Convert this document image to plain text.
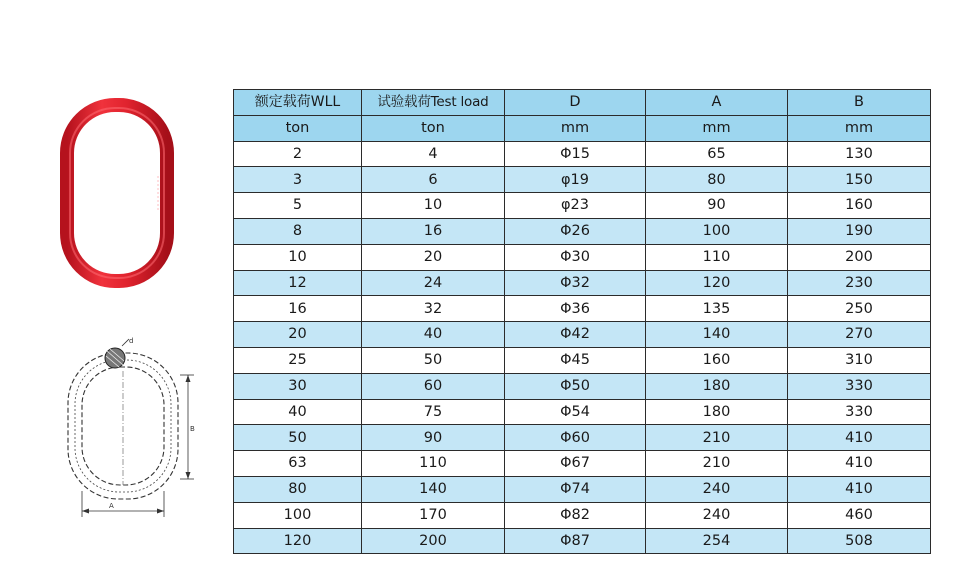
d
B
A
额定载荷WLL	试验载荷Test load	D	A	B
ton	ton	mm	mm	mm
2	4	Φ15	65	130
3	6	φ19	80	150
5	10	φ23	90	160
8	16	Φ26	100	190
10	20	Φ30	110	200
12	24	Φ32	120	230
16	32	Φ36	135	250
20	40	Φ42	140	270
25	50	Φ45	160	310
30	60	Φ50	180	330
40	75	Φ54	180	330
50	90	Φ60	210	410
63	110	Φ67	210	410
80	140	Φ74	240	410
100	170	Φ82	240	460
120	200	Φ87	254	508
